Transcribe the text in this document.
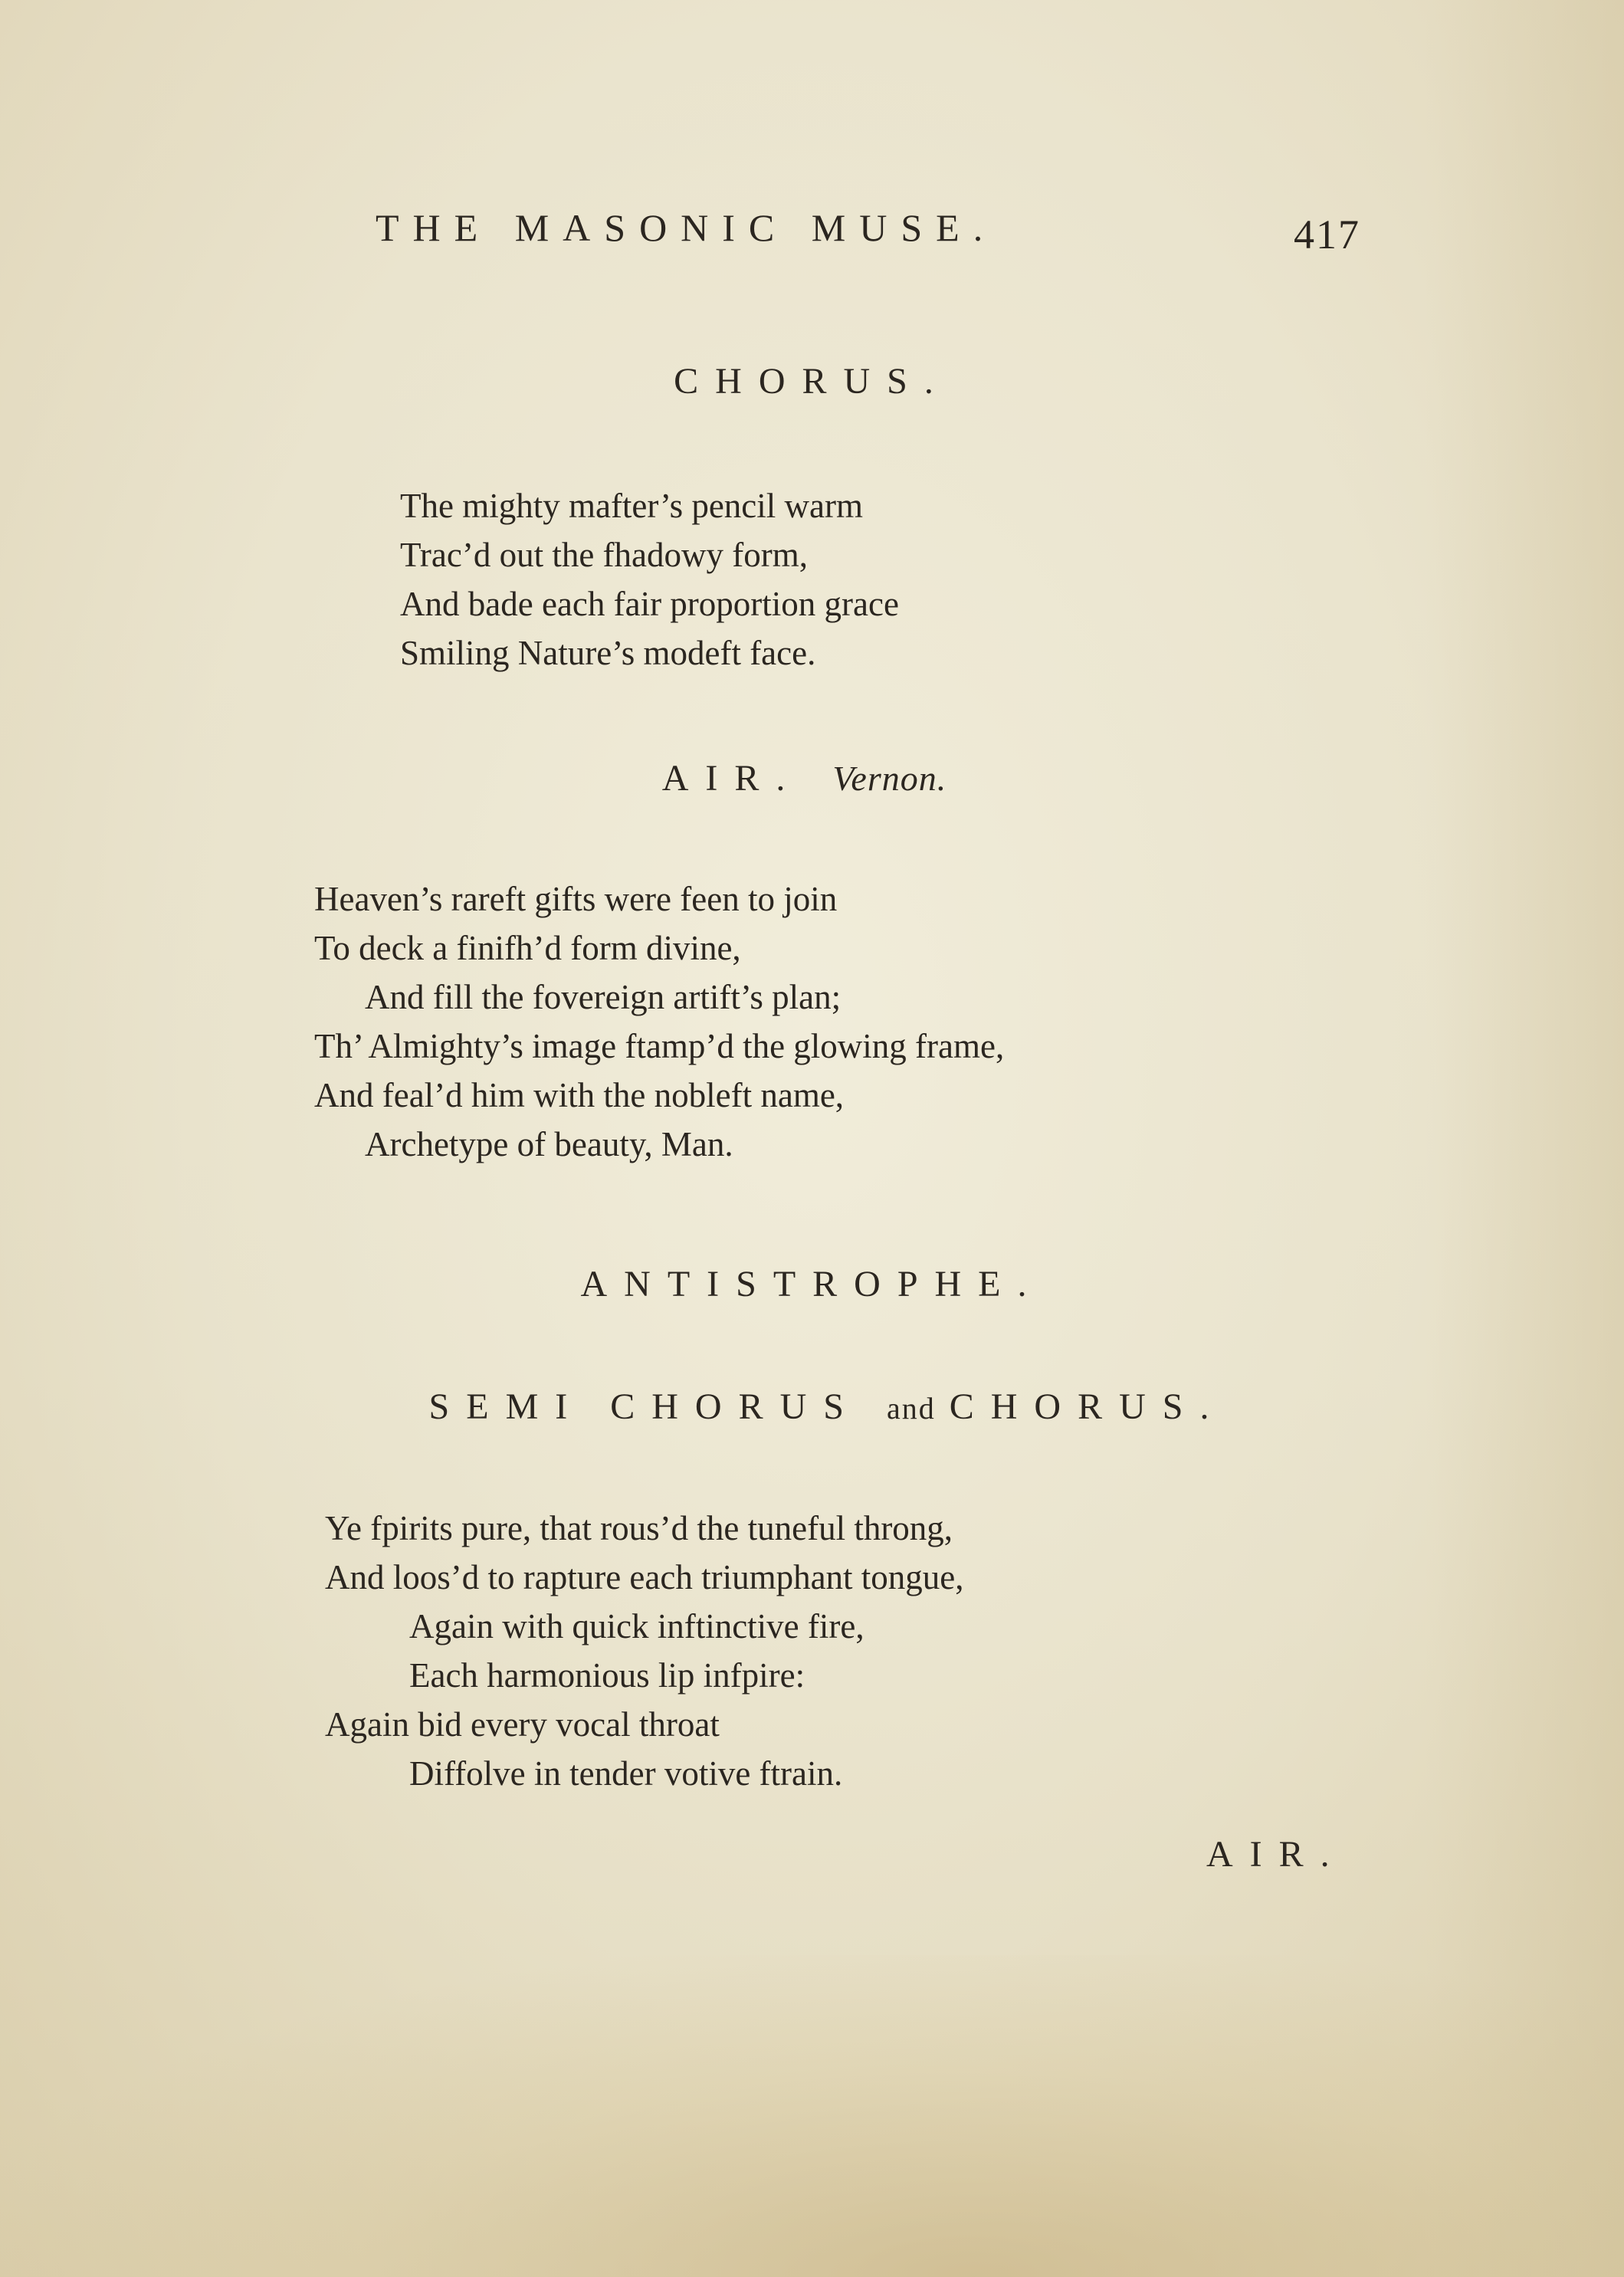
THE MASONIC MUSE.	417
CHORUS.
The mighty mafter’s pencil warm
Trac’d out the fhadowy form,
And bade each fair proportion grace
Smiling Nature’s modeft face.
AIR. Vernon.
Heaven’s rareft gifts were feen to join
To deck a finifh’d form divine,
And fill the fovereign artift’s plan;
Th’ Almighty’s image ftamp’d the glowing frame,
And feal’d him with the nobleft name,
Archetype of beauty, Man.
ANTISTROPHE.
SEMI CHORUS and CHORUS.
Ye fpirits pure, that rous’d the tuneful throng,
And loos’d to rapture each triumphant tongue,
Again with quick inftinctive fire,
Each harmonious lip infpire:
Again bid every vocal throat
Diffolve in tender votive ftrain.
AIR.
